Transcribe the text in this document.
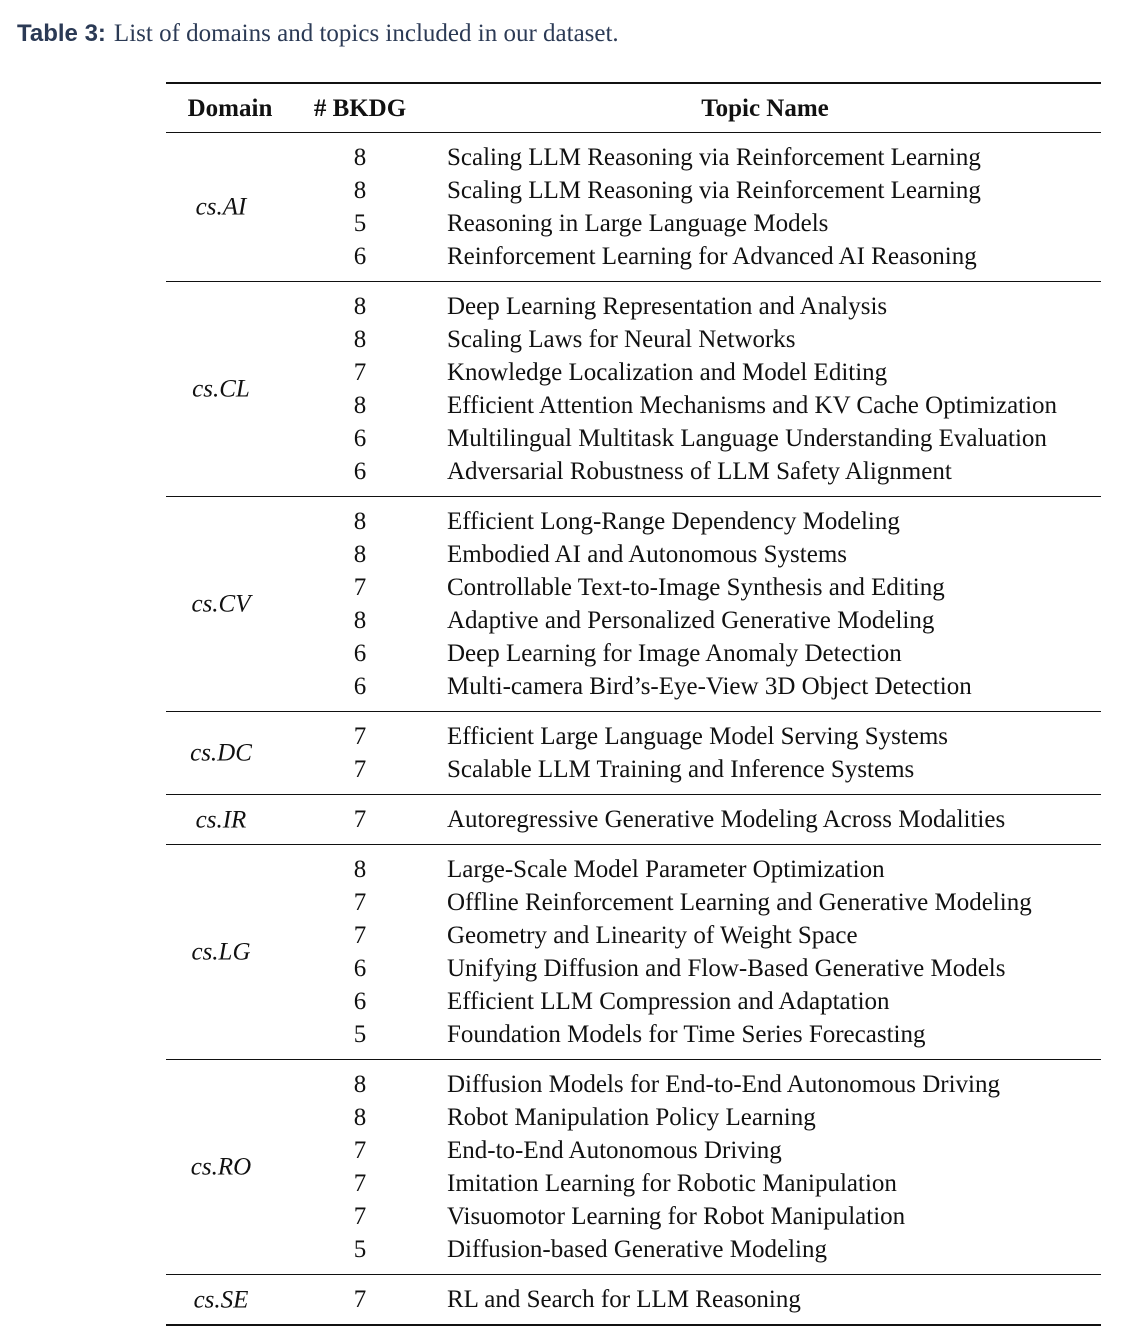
Table 3: List of domains and topics included in our dataset.
Domain	# BKDG	Topic Name
cs.AI
8	Scaling LLM Reasoning via Reinforcement Learning
8	Scaling LLM Reasoning via Reinforcement Learning
5	Reasoning in Large Language Models
6	Reinforcement Learning for Advanced AI Reasoning
cs.CL
8	Deep Learning Representation and Analysis
8	Scaling Laws for Neural Networks
7	Knowledge Localization and Model Editing
8	Efficient Attention Mechanisms and KV Cache Optimization
6	Multilingual Multitask Language Understanding Evaluation
6	Adversarial Robustness of LLM Safety Alignment
cs.CV
8	Efficient Long-Range Dependency Modeling
8	Embodied AI and Autonomous Systems
7	Controllable Text-to-Image Synthesis and Editing
8	Adaptive and Personalized Generative Modeling
6	Deep Learning for Image Anomaly Detection
6	Multi-camera Bird’s-Eye-View 3D Object Detection
cs.DC
7	Efficient Large Language Model Serving Systems
7	Scalable LLM Training and Inference Systems
cs.IR	7	Autoregressive Generative Modeling Across Modalities
cs.LG
8	Large-Scale Model Parameter Optimization
7	Offline Reinforcement Learning and Generative Modeling
7	Geometry and Linearity of Weight Space
6	Unifying Diffusion and Flow-Based Generative Models
6	Efficient LLM Compression and Adaptation
5	Foundation Models for Time Series Forecasting
cs.RO
8	Diffusion Models for End-to-End Autonomous Driving
8	Robot Manipulation Policy Learning
7	End-to-End Autonomous Driving
7	Imitation Learning for Robotic Manipulation
7	Visuomotor Learning for Robot Manipulation
5	Diffusion-based Generative Modeling
cs.SE	7	RL and Search for LLM Reasoning
